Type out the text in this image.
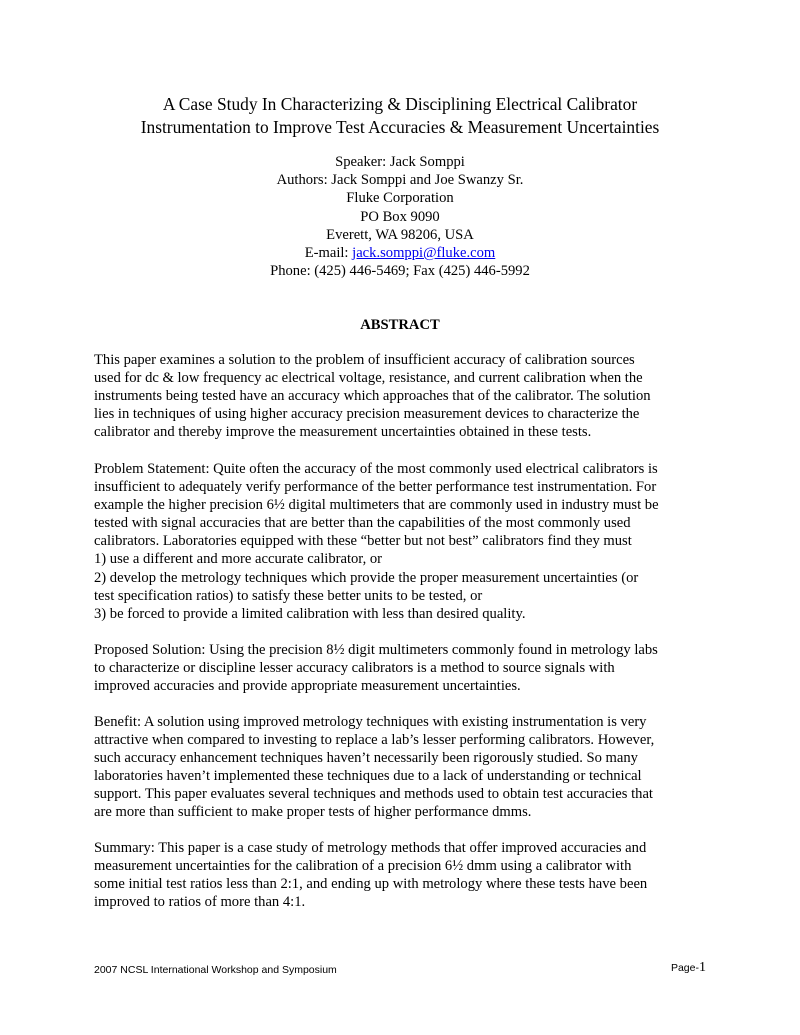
A Case Study In Characterizing & Disciplining Electrical Calibrator
Instrumentation to Improve Test Accuracies & Measurement Uncertainties
Speaker: Jack Somppi
Authors: Jack Somppi and Joe Swanzy Sr.
Fluke Corporation
PO Box 9090
Everett, WA 98206, USA
E-mail: jack.somppi@fluke.com
Phone: (425) 446-5469; Fax (425) 446-5992
ABSTRACT

This paper examines a solution to the problem of insufficient accuracy of calibration sources
used for dc & low frequency ac electrical voltage, resistance, and current calibration when the
instruments being tested have an accuracy which approaches that of the calibrator. The solution
lies in techniques of using higher accuracy precision measurement devices to characterize the
calibrator and thereby improve the measurement uncertainties obtained in these tests.

Problem Statement: Quite often the accuracy of the most commonly used electrical calibrators is
insufficient to adequately verify performance of the better performance test instrumentation. For
example the higher precision 6½ digital multimeters that are commonly used in industry must be
tested with signal accuracies that are better than the capabilities of the most commonly used
calibrators. Laboratories equipped with these “better but not best” calibrators find they must
1) use a different and more accurate calibrator, or
2) develop the metrology techniques which provide the proper measurement uncertainties (or
test specification ratios) to satisfy these better units to be tested, or
3) be forced to provide a limited calibration with less than desired quality.

Proposed Solution: Using the precision 8½ digit multimeters commonly found in metrology labs
to characterize or discipline lesser accuracy calibrators is a method to source signals with
improved accuracies and provide appropriate measurement uncertainties.

Benefit: A solution using improved metrology techniques with existing instrumentation is very
attractive when compared to investing to replace a lab’s lesser performing calibrators. However,
such accuracy enhancement techniques haven’t necessarily been rigorously studied. So many
laboratories haven’t implemented these techniques due to a lack of understanding or technical
support. This paper evaluates several techniques and methods used to obtain test accuracies that
are more than sufficient to make proper tests of higher performance dmms.

Summary: This paper is a case study of metrology methods that offer improved accuracies and
measurement uncertainties for the calibration of a precision 6½ dmm using a calibrator with
some initial test ratios less than 2:1, and ending up with metrology where these tests have been
improved to ratios of more than 4:1.

2007 NCSL International Workshop and Symposium	Page-1
